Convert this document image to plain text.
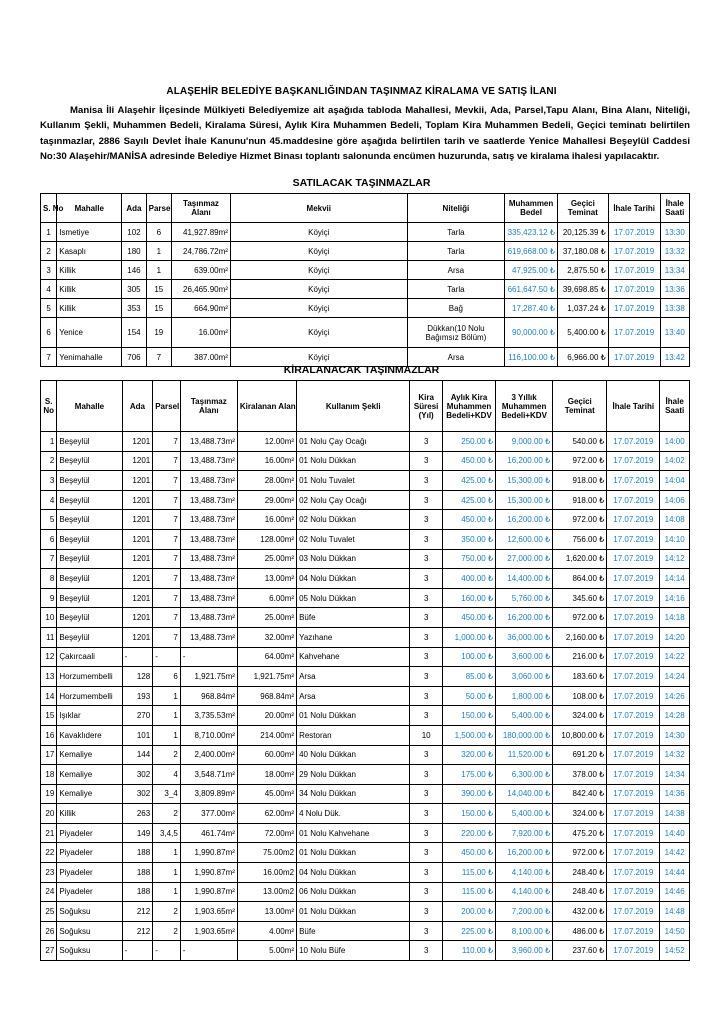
ALAŞEHİR BELEDİYE BAŞKANLIĞINDAN TAŞINMAZ KİRALAMA VE SATIŞ İLANI
Manisa İli Alaşehir İlçesinde Mülkiyeti Belediyemize ait aşağıda tabloda Mahallesi, Mevkii, Ada, Parsel,Tapu Alanı, Bina Alanı, Niteliği, Kullanım Şekli, Muhammen Bedeli, Kiralama Süresi, Aylık Kira Muhammen Bedeli, Toplam Kira Muhammen Bedeli, Geçici teminatı belirtilen taşınmazlar, 2886 Sayılı Devlet İhale Kanunu'nun 45.maddesine göre aşağıda belirtilen tarih ve saatlerde Yenice Mahallesi Beşeylül Caddesi No:30 Alaşehir/MANİSA adresinde Belediye Hizmet Binası toplantı salonunda encümen huzurunda, satış ve kiralama ihalesi yapılacaktır.
SATILACAK TAŞINMAZLAR
S. No	Mahalle	Ada	Parsel	Taşınmaz Alanı	Mekvii	Niteliği	Muhammen Bedel	Geçici Teminat	İhale Tarihi	İhale Saati
1	Ismetiye	102	6	41,927.89m²	Köyiçi	Tarla	335,423.12 ₺	20,125.39 ₺	17.07.2019	13:30
2	Kasaplı	180	1	24,786.72m²	Köyiçi	Tarla	619,668.00 ₺	37,180.08 ₺	17.07.2019	13:32
3	Killik	146	1	639.00m²	Köyiçi	Arsa	47,925.00 ₺	2,875.50 ₺	17.07.2019	13:34
4	Killik	305	15	26,465.90m²	Köyiçi	Tarla	661,647.50 ₺	39,698.85 ₺	17.07.2019	13:36
5	Killik	353	15	664.90m²	Köyiçi	Bağ	17,287.40 ₺	1,037.24 ₺	17.07.2019	13:38
6	Yenice	154	19	16.00m²	Köyiçi	Dükkan(10 Nolu Bağımsız Bölüm)	90,000.00 ₺	5,400.00 ₺	17.07.2019	13:40
7	Yenimahalle	706	7	387.00m²	Köyiçi	Arsa	116,100.00 ₺	6,966.00 ₺	17.07.2019	13:42
KİRALANACAK TAŞINMAZLAR
S. No	Mahalle	Ada	Parsel	Taşınmaz Alanı	Kiralanan Alan	Kullanım Şekli	Kira Süresi (Yıl)	Aylık Kira Muhammen Bedeli+KDV	3 Yıllık Muhammen Bedeli+KDV	Geçici Teminat	İhale Tarihi	İhale Saati
1	Beşeylül	1201	7	13,488.73m²	12.00m²	01 Nolu Çay Ocağı	3	250.00 ₺	9,000.00 ₺	540.00 ₺	17.07.2019	14:00
2	Beşeylül	1201	7	13,488.73m²	16.00m²	01 Nolu Dükkan	3	450.00 ₺	16,200.00 ₺	972.00 ₺	17.07.2019	14:02
3	Beşeylül	1201	7	13,488.73m²	28.00m²	01 Nolu Tuvalet	3	425.00 ₺	15,300.00 ₺	918.00 ₺	17.07.2019	14:04
4	Beşeylül	1201	7	13,488.73m²	29.00m²	02 Nolu Çay Ocağı	3	425.00 ₺	15,300.00 ₺	918.00 ₺	17.07.2019	14:06
5	Beşeylül	1201	7	13,488.73m²	16.00m²	02 Nolu Dükkan	3	450.00 ₺	16,200.00 ₺	972.00 ₺	17.07.2019	14:08
6	Beşeylül	1201	7	13,488.73m²	128.00m²	02 Nolu Tuvalet	3	350.00 ₺	12,600.00 ₺	756.00 ₺	17.07.2019	14:10
7	Beşeylül	1201	7	13,488.73m²	25.00m²	03 Nolu Dükkan	3	750.00 ₺	27,000.00 ₺	1,620.00 ₺	17.07.2019	14:12
8	Beşeylül	1201	7	13,488.73m²	13.00m²	04 Nolu Dükkan	3	400.00 ₺	14,400.00 ₺	864.00 ₺	17.07.2019	14:14
9	Beşeylül	1201	7	13,488.73m²	6.00m²	05 Nolu Dükkan	3	160.00 ₺	5,760.00 ₺	345.60 ₺	17.07.2019	14:16
10	Beşeylül	1201	7	13,488.73m²	25.00m²	Büfe	3	450.00 ₺	16,200.00 ₺	972.00 ₺	17.07.2019	14:18
11	Beşeylül	1201	7	13,488.73m²	32.00m²	Yazıhane	3	1,000.00 ₺	36,000.00 ₺	2,160.00 ₺	17.07.2019	14:20
12	Çakırcaali	-	-	-	64.00m²	Kahvehane	3	100.00 ₺	3,600.00 ₺	216.00 ₺	17.07.2019	14:22
13	Horzumembelli	128	6	1,921.75m²	1,921.75m²	Arsa	3	85.00 ₺	3,060.00 ₺	183.60 ₺	17.07.2019	14:24
14	Horzumembelli	193	1	968.84m²	968.84m²	Arsa	3	50.00 ₺	1,800.00 ₺	108.00 ₺	17.07.2019	14:26
15	Işıklar	270	1	3,735.53m²	20.00m²	01 Nolu Dükkan	3	150.00 ₺	5,400.00 ₺	324.00 ₺	17.07.2019	14:28
16	Kavaklıdere	101	1	8,710.00m²	214.00m²	Restoran	10	1,500.00 ₺	180,000.00 ₺	10,800.00 ₺	17.07.2019	14:30
17	Kemaliye	144	2	2,400.00m²	60.00m²	40 Nolu Dükkan	3	320.00 ₺	11,520.00 ₺	691.20 ₺	17.07.2019	14:32
18	Kemaliye	302	4	3,548.71m²	18.00m²	29 Nolu Dükkan	3	175.00 ₺	6,300.00 ₺	378.00 ₺	17.07.2019	14:34
19	Kemaliye	302	3_4	3,809.89m²	45.00m²	34 Nolu Dükkan	3	390.00 ₺	14,040.00 ₺	842.40 ₺	17.07.2019	14:36
20	Killik	263	2	377.00m²	62.00m²	4 Nolu Dük.	3	150.00 ₺	5,400.00 ₺	324.00 ₺	17.07.2019	14:38
21	Piyadeler	149	3,4,5	461.74m²	72.00m²	01 Nolu Kahvehane	3	220.00 ₺	7,920.00 ₺	475.20 ₺	17.07.2019	14:40
22	Piyadeler	188	1	1,990.87m²	75.00m2	01 Nolu Dükkan	3	450.00 ₺	16,200.00 ₺	972.00 ₺	17.07.2019	14:42
23	Piyadeler	188	1	1,990.87m²	16.00m2	04 Nolu Dükkan	3	115.00 ₺	4,140.00 ₺	248.40 ₺	17.07.2019	14:44
24	Piyadeler	188	1	1,990.87m²	13.00m2	06 Nolu Dükkan	3	115.00 ₺	4,140.00 ₺	248.40 ₺	17.07.2019	14:46
25	Soğuksu	212	2	1,903.65m²	13.00m²	01 Nolu Dükkan	3	200.00 ₺	7,200.00 ₺	432.00 ₺	17.07.2019	14:48
26	Soğuksu	212	2	1,903.65m²	4.00m²	Büfe	3	225.00 ₺	8,100.00 ₺	486.00 ₺	17.07.2019	14:50
27	Soğuksu	-	-	-	5.00m²	10 Nolu Büfe	3	110.00 ₺	3,960.00 ₺	237.60 ₺	17.07.2019	14:52
